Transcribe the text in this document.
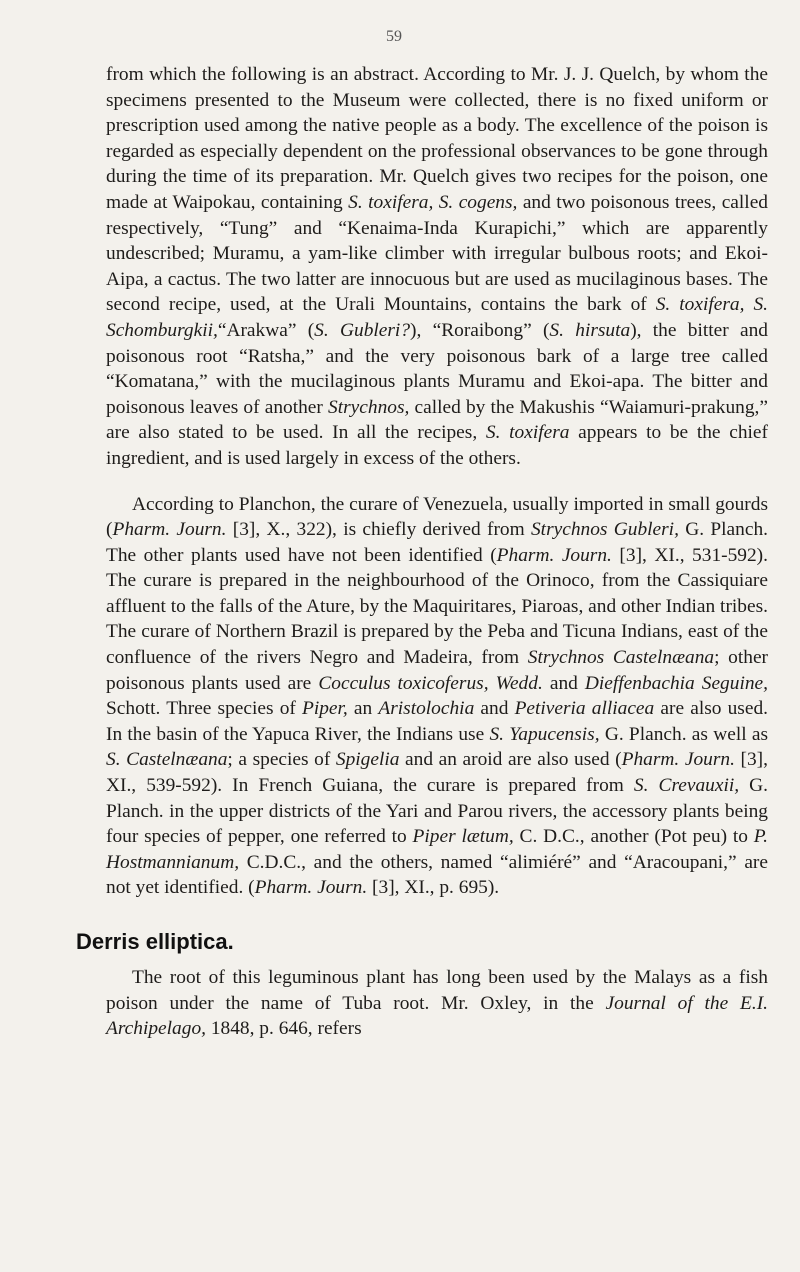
59

from which the following is an abstract. According to Mr. J. J. Quelch, by whom the specimens presented to the Museum were collected, there is no fixed uniform or prescription used among the native people as a body. The excellence of the poison is regarded as especially dependent on the professional observances to be gone through during the time of its preparation. Mr. Quelch gives two recipes for the poison, one made at Waipokau, containing S. toxifera, S. cogens, and two poisonous trees, called respectively, “Tung” and “Kenaima-Inda Kurapichi,” which are apparently undescribed; Muramu, a yam-like climber with irregular bulbous roots; and Ekoi-Aipa, a cactus. The two latter are innocuous but are used as mucilaginous bases. The second recipe, used, at the Urali Mountains, contains the bark of S. toxifera, S. Schomburgkii,“Arakwa” (S. Gubleri?), “Roraibong” (S. hirsuta), the bitter and poisonous root “Ratsha,” and the very poisonous bark of a large tree called “Komatana,” with the mucilaginous plants Muramu and Ekoi-apa. The bitter and poisonous leaves of another Strychnos, called by the Makushis “Waiamuri-prakung,” are also stated to be used. In all the recipes, S. toxifera appears to be the chief ingredient, and is used largely in excess of the others.

According to Planchon, the curare of Venezuela, usually imported in small gourds (Pharm. Journ. [3], X., 322), is chiefly derived from Strychnos Gubleri, G. Planch. The other plants used have not been identified (Pharm. Journ. [3], XI., 531-592). The curare is prepared in the neighbourhood of the Orinoco, from the Cassiquiare affluent to the falls of the Ature, by the Maquiritares, Piaroas, and other Indian tribes. The curare of Northern Brazil is prepared by the Peba and Ticuna Indians, east of the confluence of the rivers Negro and Madeira, from Strychnos Castelnæana; other poisonous plants used are Cocculus toxicoferus, Wedd. and Dieffenbachia Seguine, Schott. Three species of Piper, an Aristolochia and Petiveria alliacea are also used. In the basin of the Yapuca River, the Indians use S. Yapucensis, G. Planch. as well as S. Castelnæana; a species of Spigelia and an aroid are also used (Pharm. Journ. [3], XI., 539-592). In French Guiana, the curare is prepared from S. Crevauxii, G. Planch. in the upper districts of the Yari and Parou rivers, the accessory plants being four species of pepper, one referred to Piper lætum, C. D.C., another (Pot peu) to P. Hostmannianum, C.D.C., and the others, named “alimiéré” and “Aracoupani,” are not yet identified. (Pharm. Journ. [3], XI., p. 695).

Derris elliptica.

The root of this leguminous plant has long been used by the Malays as a fish poison under the name of Tuba root. Mr. Oxley, in the Journal of the E.I. Archipelago, 1848, p. 646, refers
